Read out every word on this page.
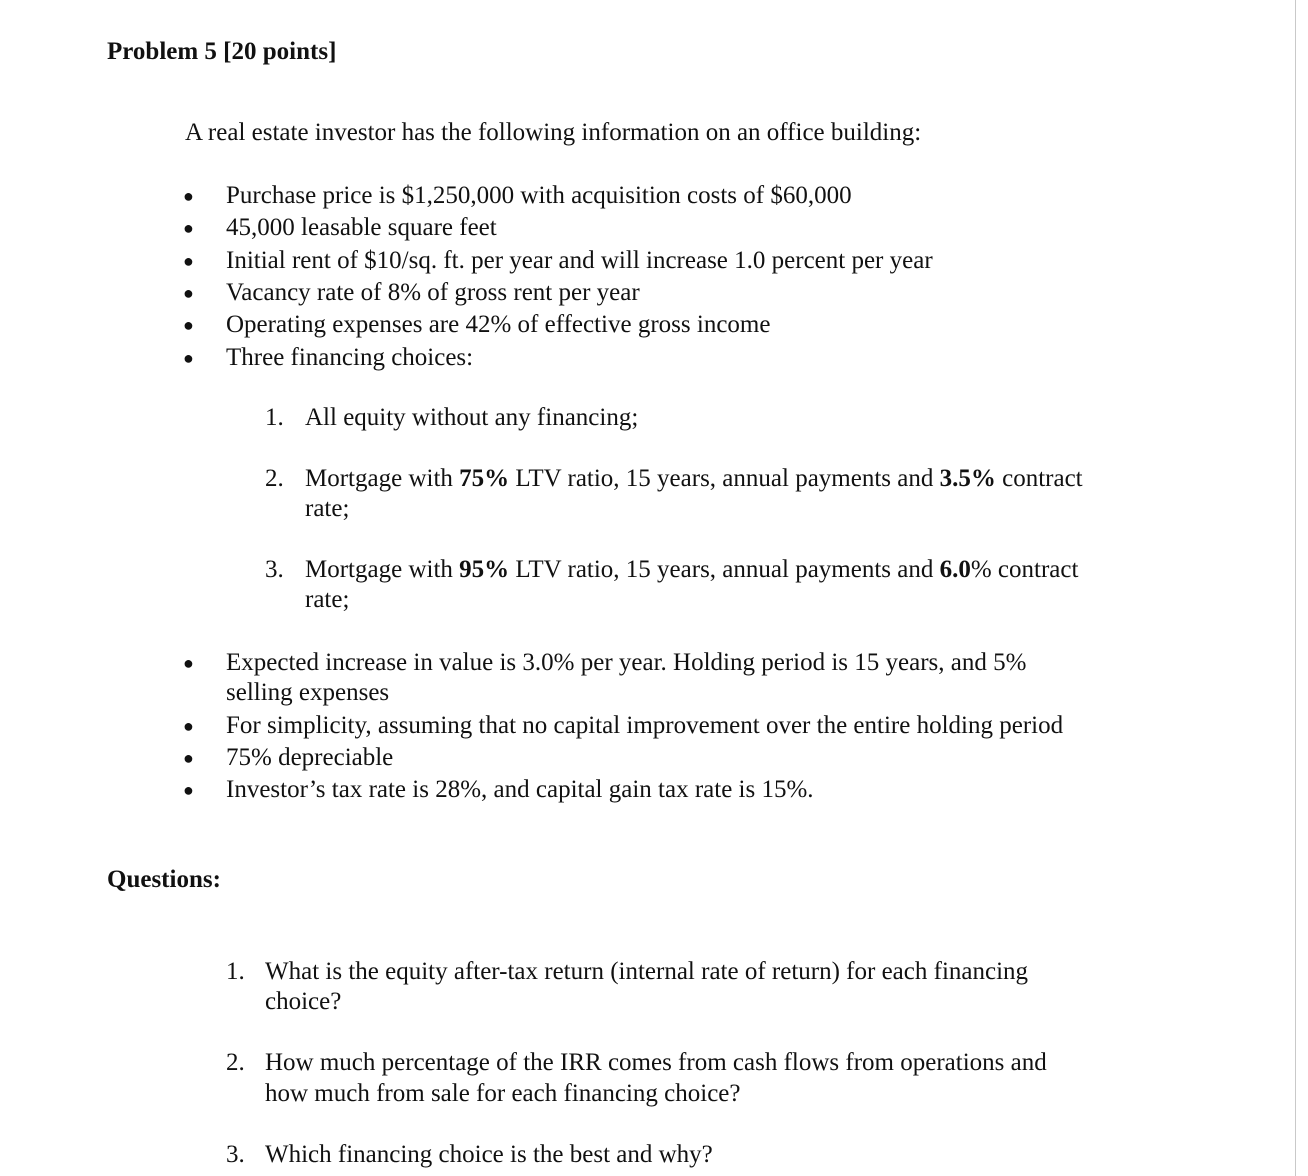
Problem 5 [20 points]
A real estate investor has the following information on an office building:
● Purchase price is $1,250,000 with acquisition costs of $60,000
● 45,000 leasable square feet
● Initial rent of $10/sq. ft. per year and will increase 1.0 percent per year
● Vacancy rate of 8% of gross rent per year
● Operating expenses are 42% of effective gross income
● Three financing choices:
1. All equity without any financing;
2. Mortgage with 75% LTV ratio, 15 years, annual payments and 3.5% contract
rate;
3. Mortgage with 95% LTV ratio, 15 years, annual payments and 6.0% contract
rate;
● Expected increase in value is 3.0% per year. Holding period is 15 years, and 5%
selling expenses
● For simplicity, assuming that no capital improvement over the entire holding period
● 75% depreciable
● Investor’s tax rate is 28%, and capital gain tax rate is 15%.
Questions:
1. What is the equity after-tax return (internal rate of return) for each financing
choice?
2. How much percentage of the IRR comes from cash flows from operations and
how much from sale for each financing choice?
3. Which financing choice is the best and why?
